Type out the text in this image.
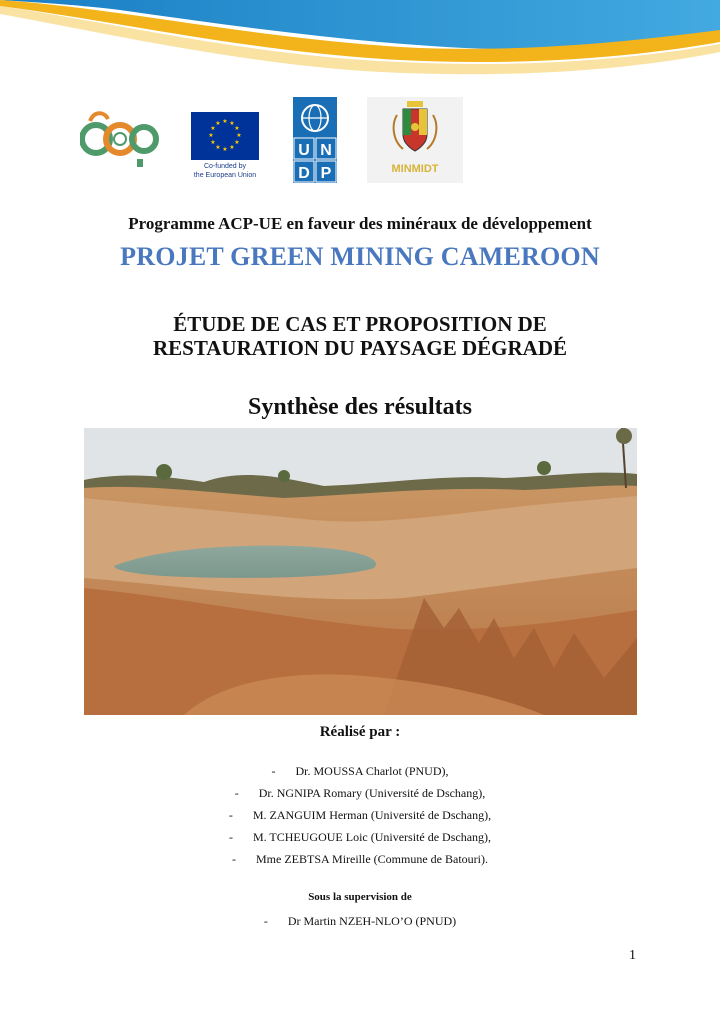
★ ★
★
★
★
★
★
★
★
★
★
★
Co-funded by
the European Union
U N
D P	MINMIDT
Programme ACP-UE en faveur des minéraux de développement
PROJET GREEN MINING CAMEROON
ÉTUDE DE CAS ET PROPOSITION DE
RESTAURATION DU PAYSAGE DÉGRADÉ
Synthèse des résultats
Réalisé par :
- Dr. MOUSSA Charlot (PNUD),
- Dr. NGNIPA Romary (Université de Dschang),
- M. ZANGUIM Herman (Université de Dschang),
- M. TCHEUGOUE Loic (Université de Dschang),
- Mme ZEBTSA Mireille (Commune de Batouri).
Sous la supervision de
- Dr Martin NZEH-NLO’O (PNUD)
1
